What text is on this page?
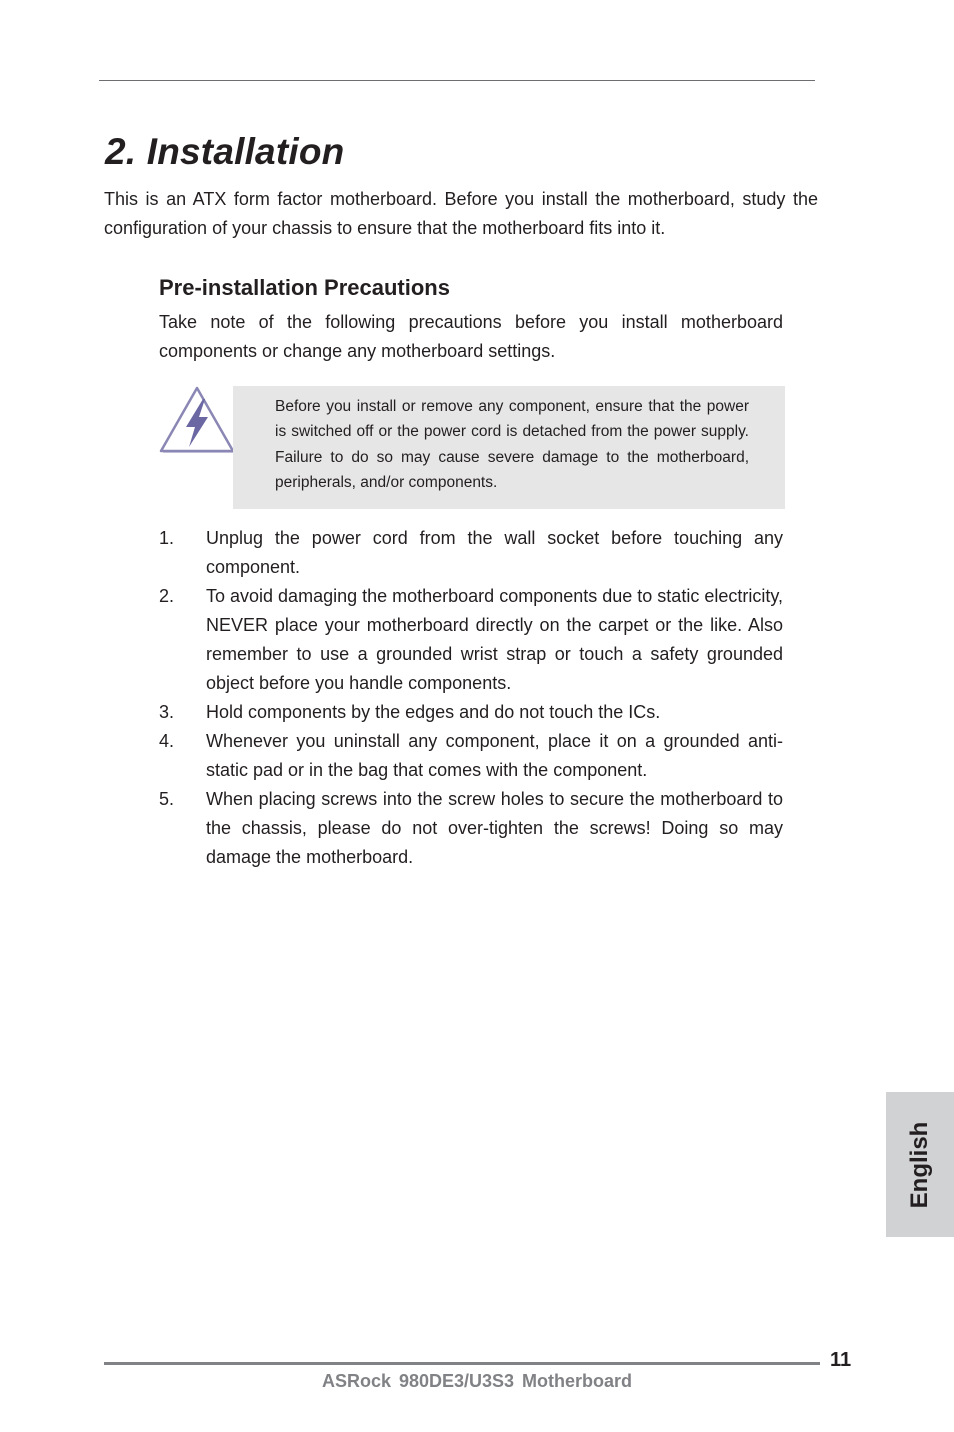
2. Installation

This is an ATX form factor motherboard. Before you install the motherboard, study the configuration of your chassis to ensure that the motherboard fits into it.

Pre-installation Precautions

Take note of the following precautions before you install motherboard components or change any motherboard settings.

Before you install or remove any component, ensure that the power is switched off or the power cord is detached from the power supply. Failure to do so may cause severe damage to the motherboard, peripherals, and/or components.

1. Unplug the power cord from the wall socket before touching any component.
2. To avoid damaging the motherboard components due to static electricity, NEVER place your motherboard directly on the carpet or the like. Also remember to use a grounded wrist strap or touch a safety grounded object before you handle components.
3. Hold components by the edges and do not touch the ICs.
4. Whenever you uninstall any component, place it on a grounded anti-static pad or in the bag that comes with the component.
5. When placing screws into the screw holes to secure the motherboard to the chassis, please do not over-tighten the screws! Doing so may damage the motherboard.
English
11
ASRock 980DE3/U3S3 Motherboard
